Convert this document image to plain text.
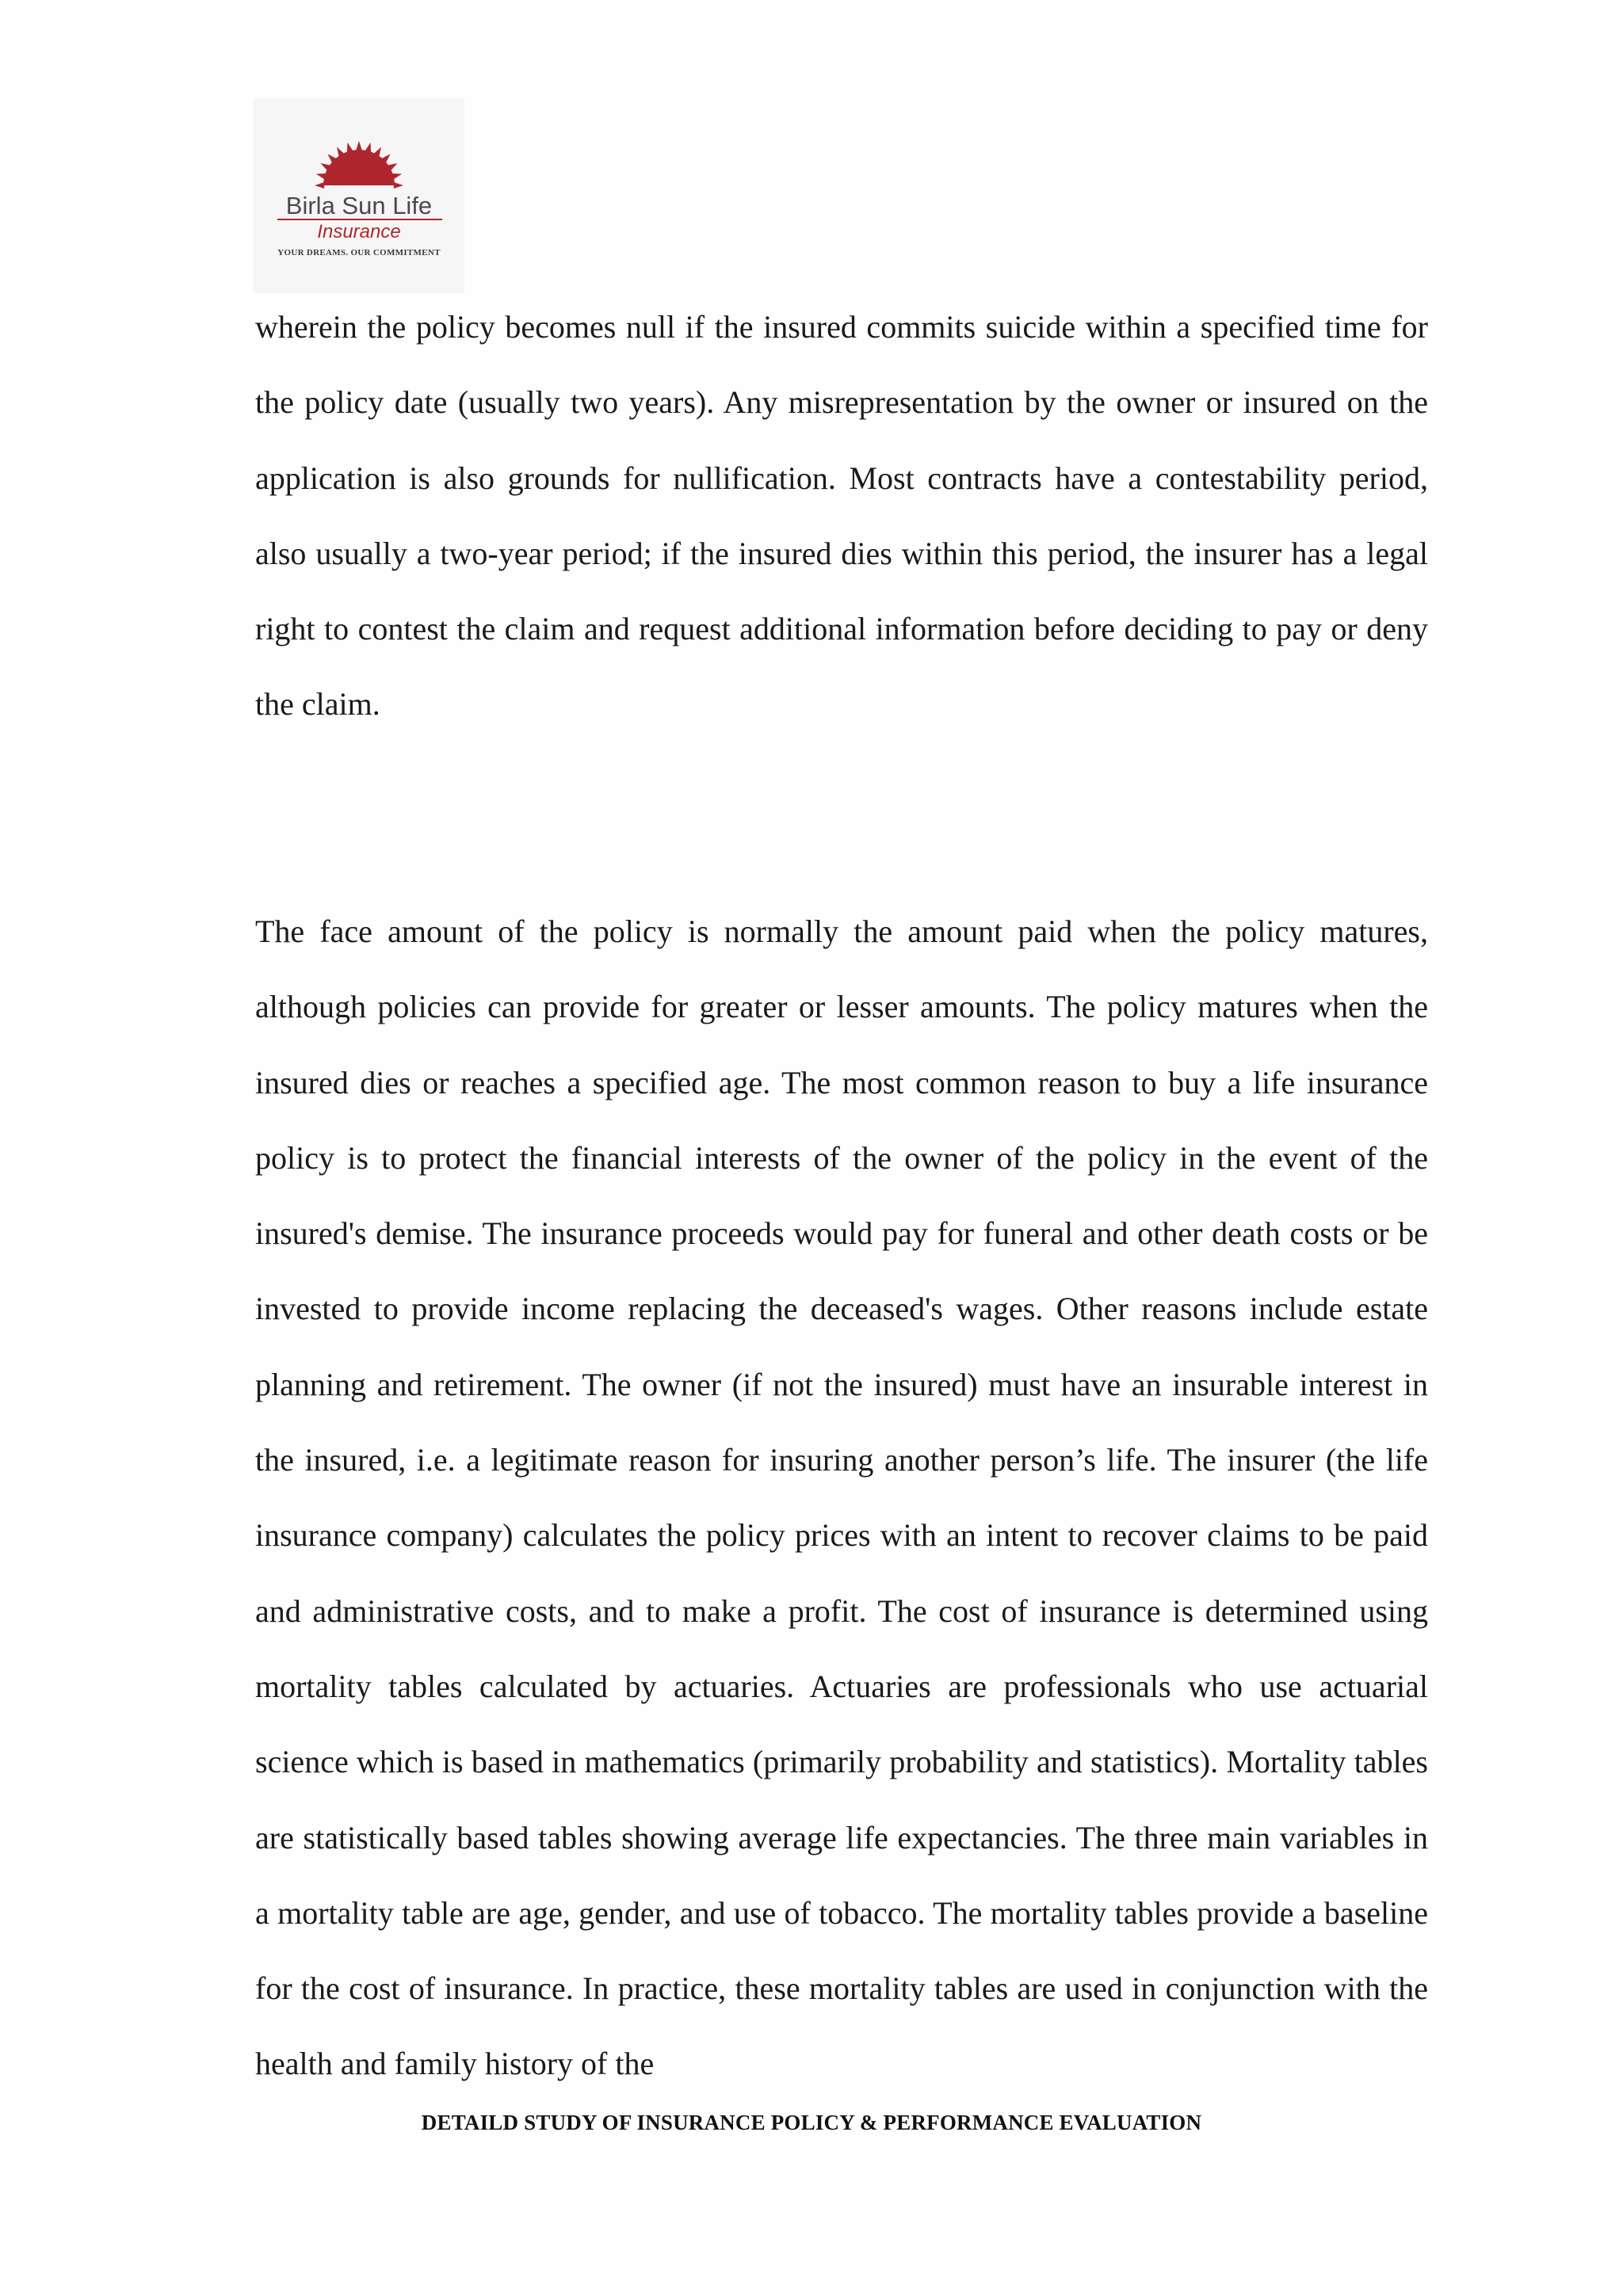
Birla Sun Life
Insurance
YOUR DREAMS. OUR COMMITMENT

wherein the policy becomes null if the insured commits suicide within a specified time for the policy date (usually two years). Any misrepresentation by the owner or insured on the application is also grounds for nullification. Most contracts have a contestability period, also usually a two-year period; if the insured dies within this period, the insurer has a legal right to contest the claim and request additional information before deciding to pay or deny the claim.

The face amount of the policy is normally the amount paid when the policy matures, although policies can provide for greater or lesser amounts. The policy matures when the insured dies or reaches a specified age. The most common reason to buy a life insurance policy is to protect the financial interests of the owner of the policy in the event of the insured's demise. The insurance proceeds would pay for funeral and other death costs or be invested to provide income replacing the deceased's wages. Other reasons include estate planning and retirement. The owner (if not the insured) must have an insurable interest in the insured, i.e. a legitimate reason for insuring another person’s life. The insurer (the life insurance company) calculates the policy prices with an intent to recover claims to be paid and administrative costs, and to make a profit. The cost of insurance is determined using mortality tables calculated by actuaries. Actuaries are professionals who use actuarial science which is based in mathematics (primarily probability and statistics). Mortality tables are statistically based tables showing average life expectancies. The three main variables in a mortality table are age, gender, and use of tobacco. The mortality tables provide a baseline for the cost of insurance. In practice, these mortality tables are used in conjunction with the health and family history of the

DETAILD STUDY OF INSURANCE POLICY & PERFORMANCE EVALUATION
